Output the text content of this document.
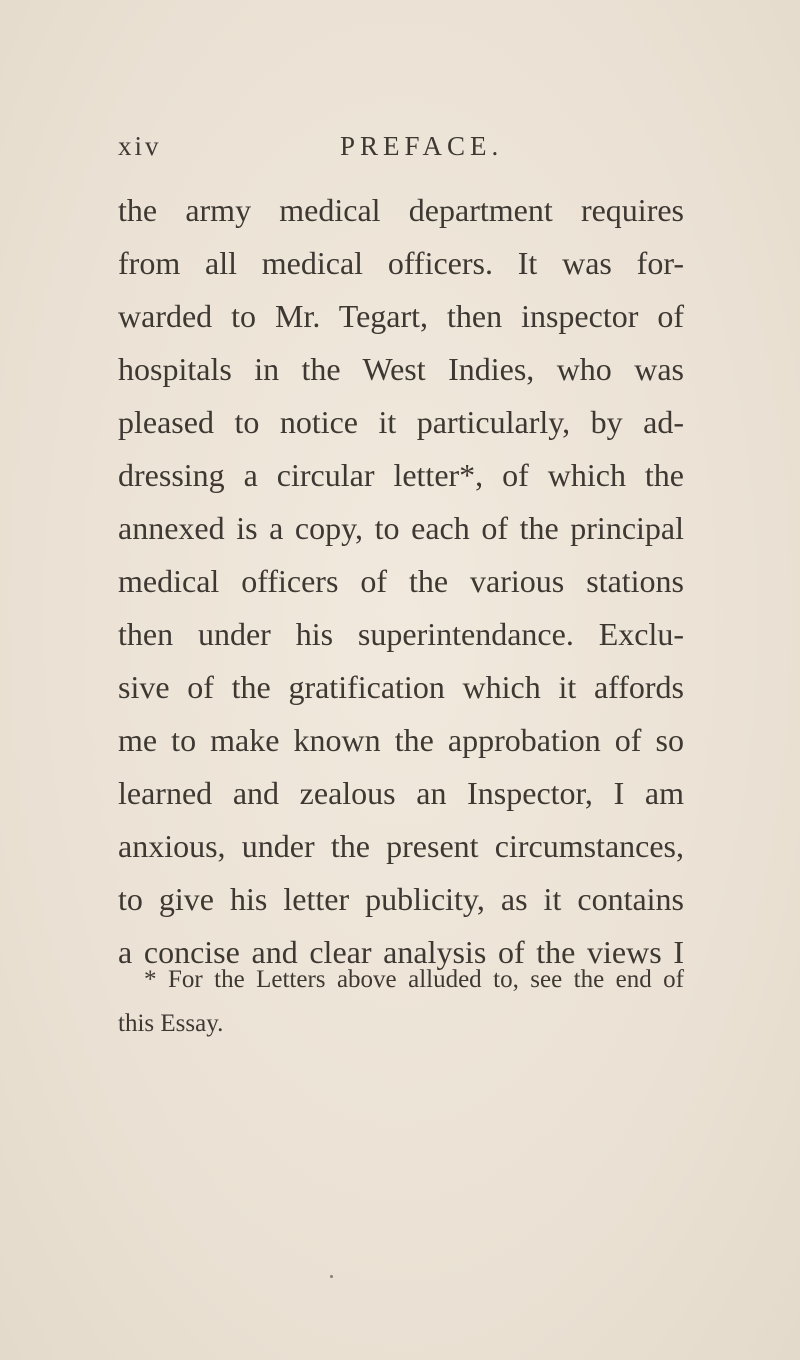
xiv	PREFACE.
the army medical department requires
from all medical officers. It was for-
warded to Mr. Tegart, then inspector of
hospitals in the West Indies, who was
pleased to notice it particularly, by ad-
dressing a circular letter*, of which the
annexed is a copy, to each of the principal
medical officers of the various stations
then under his superintendance. Exclu-
sive of the gratification which it affords
me to make known the approbation of so
learned and zealous an Inspector, I am
anxious, under the present circumstances,
to give his letter publicity, as it contains
a concise and clear analysis of the views I
* For the Letters above alluded to, see the end of
this Essay.
